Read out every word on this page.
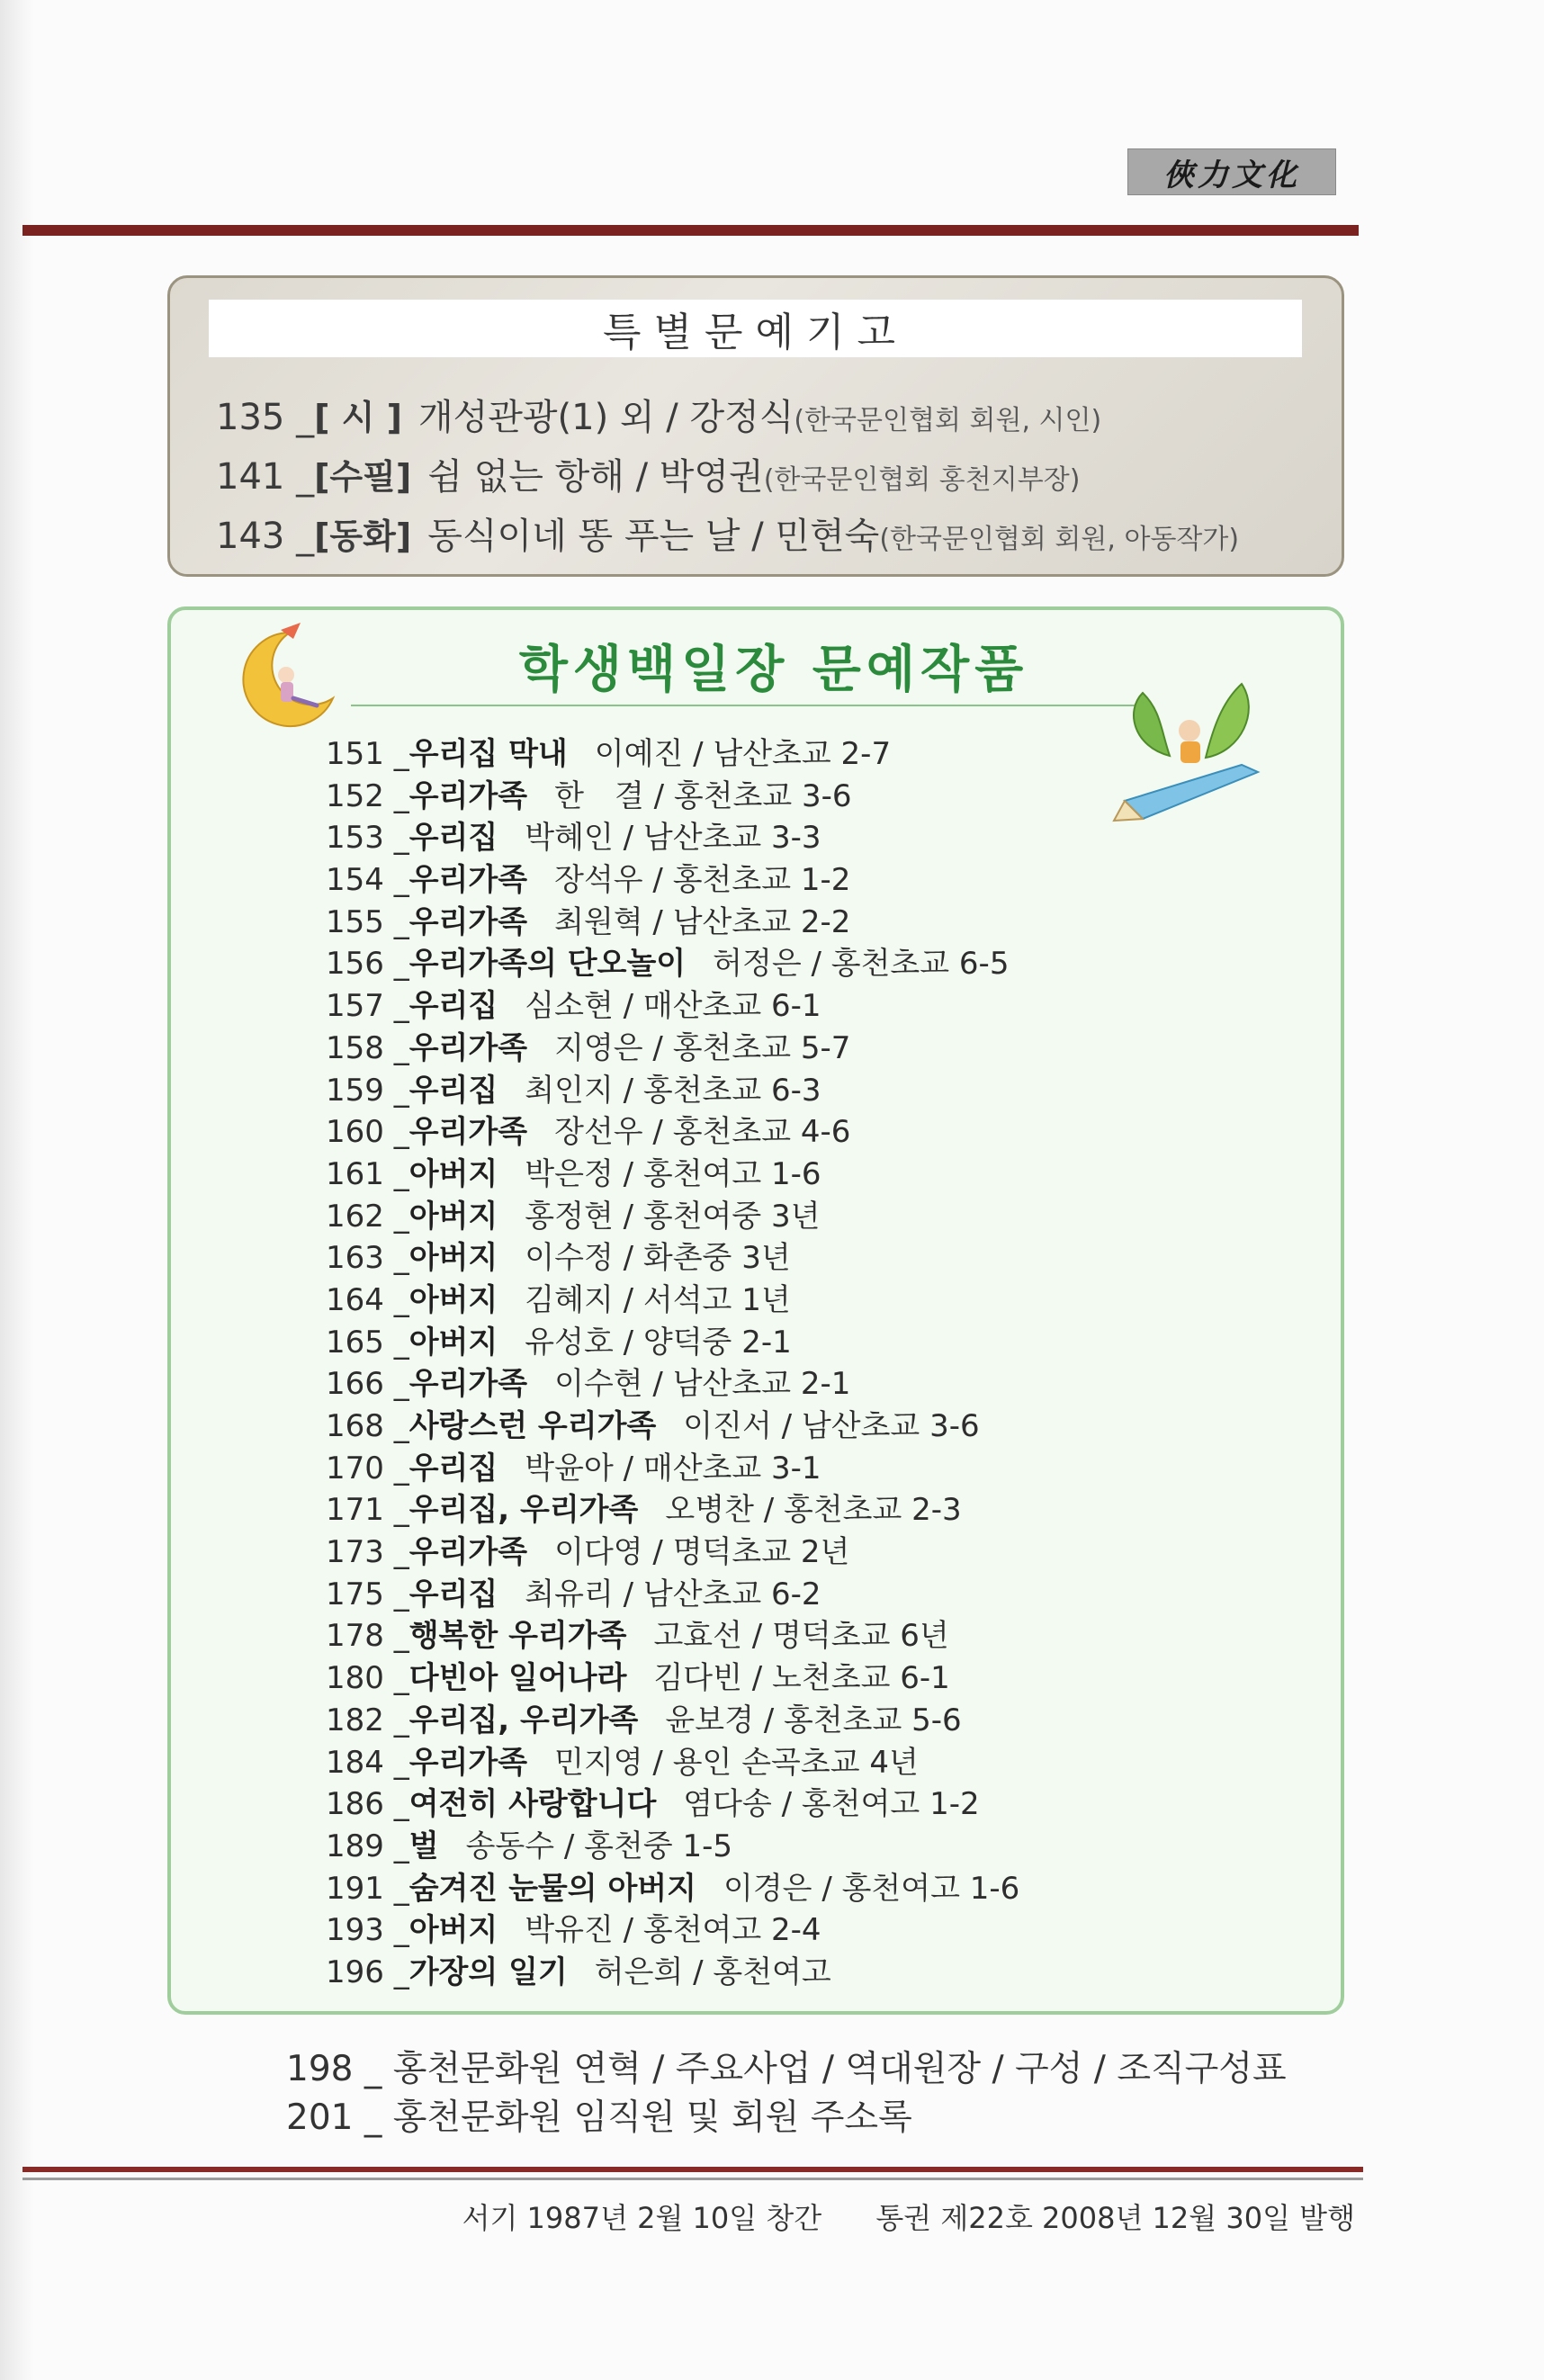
俠力文化
특별문예기고
135 _ [ 시 ] 개성관광(1) 외 / 강정식 (한국문인협회 회원, 시인)
141 _ [수필] 쉼 없는 항해 / 박영권 (한국문인협회 홍천지부장)
143 _ [동화] 동식이네 똥 푸는 날 / 민현숙 (한국문인협회 회원, 아동작가)
학생백일장 문예작품
151 _ 우리집 막내 이예진 / 남산초교 2-7
152 _ 우리가족 한　결 / 홍천초교 3-6
153 _ 우리집 박혜인 / 남산초교 3-3
154 _ 우리가족 장석우 / 홍천초교 1-2
155 _ 우리가족 최원혁 / 남산초교 2-2
156 _ 우리가족의 단오놀이 허정은 / 홍천초교 6-5
157 _ 우리집 심소현 / 매산초교 6-1
158 _ 우리가족 지영은 / 홍천초교 5-7
159 _ 우리집 최인지 / 홍천초교 6-3
160 _ 우리가족 장선우 / 홍천초교 4-6
161 _ 아버지 박은정 / 홍천여고 1-6
162 _ 아버지 홍정현 / 홍천여중 3년
163 _ 아버지 이수정 / 화촌중 3년
164 _ 아버지 김혜지 / 서석고 1년
165 _ 아버지 유성호 / 양덕중 2-1
166 _ 우리가족 이수현 / 남산초교 2-1
168 _ 사랑스런 우리가족 이진서 / 남산초교 3-6
170 _ 우리집 박윤아 / 매산초교 3-1
171 _ 우리집, 우리가족 오병찬 / 홍천초교 2-3
173 _ 우리가족 이다영 / 명덕초교 2년
175 _ 우리집 최유리 / 남산초교 6-2
178 _ 행복한 우리가족 고효선 / 명덕초교 6년
180 _ 다빈아 일어나라 김다빈 / 노천초교 6-1
182 _ 우리집, 우리가족 윤보경 / 홍천초교 5-6
184 _ 우리가족 민지영 / 용인 손곡초교 4년
186 _ 여전히 사랑합니다 염다송 / 홍천여고 1-2
189 _ 벌 송동수 / 홍천중 1-5
191 _ 숨겨진 눈물의 아버지 이경은 / 홍천여고 1-6
193 _ 아버지 박유진 / 홍천여고 2-4
196 _ 가장의 일기 허은희 / 홍천여고
198 _ 홍천문화원 연혁 / 주요사업 / 역대원장 / 구성 / 조직구성표
201 _ 홍천문화원 임직원 및 회원 주소록
서기 1987년 2월 10일 창간 통권 제22호 2008년 12월 30일 발행
